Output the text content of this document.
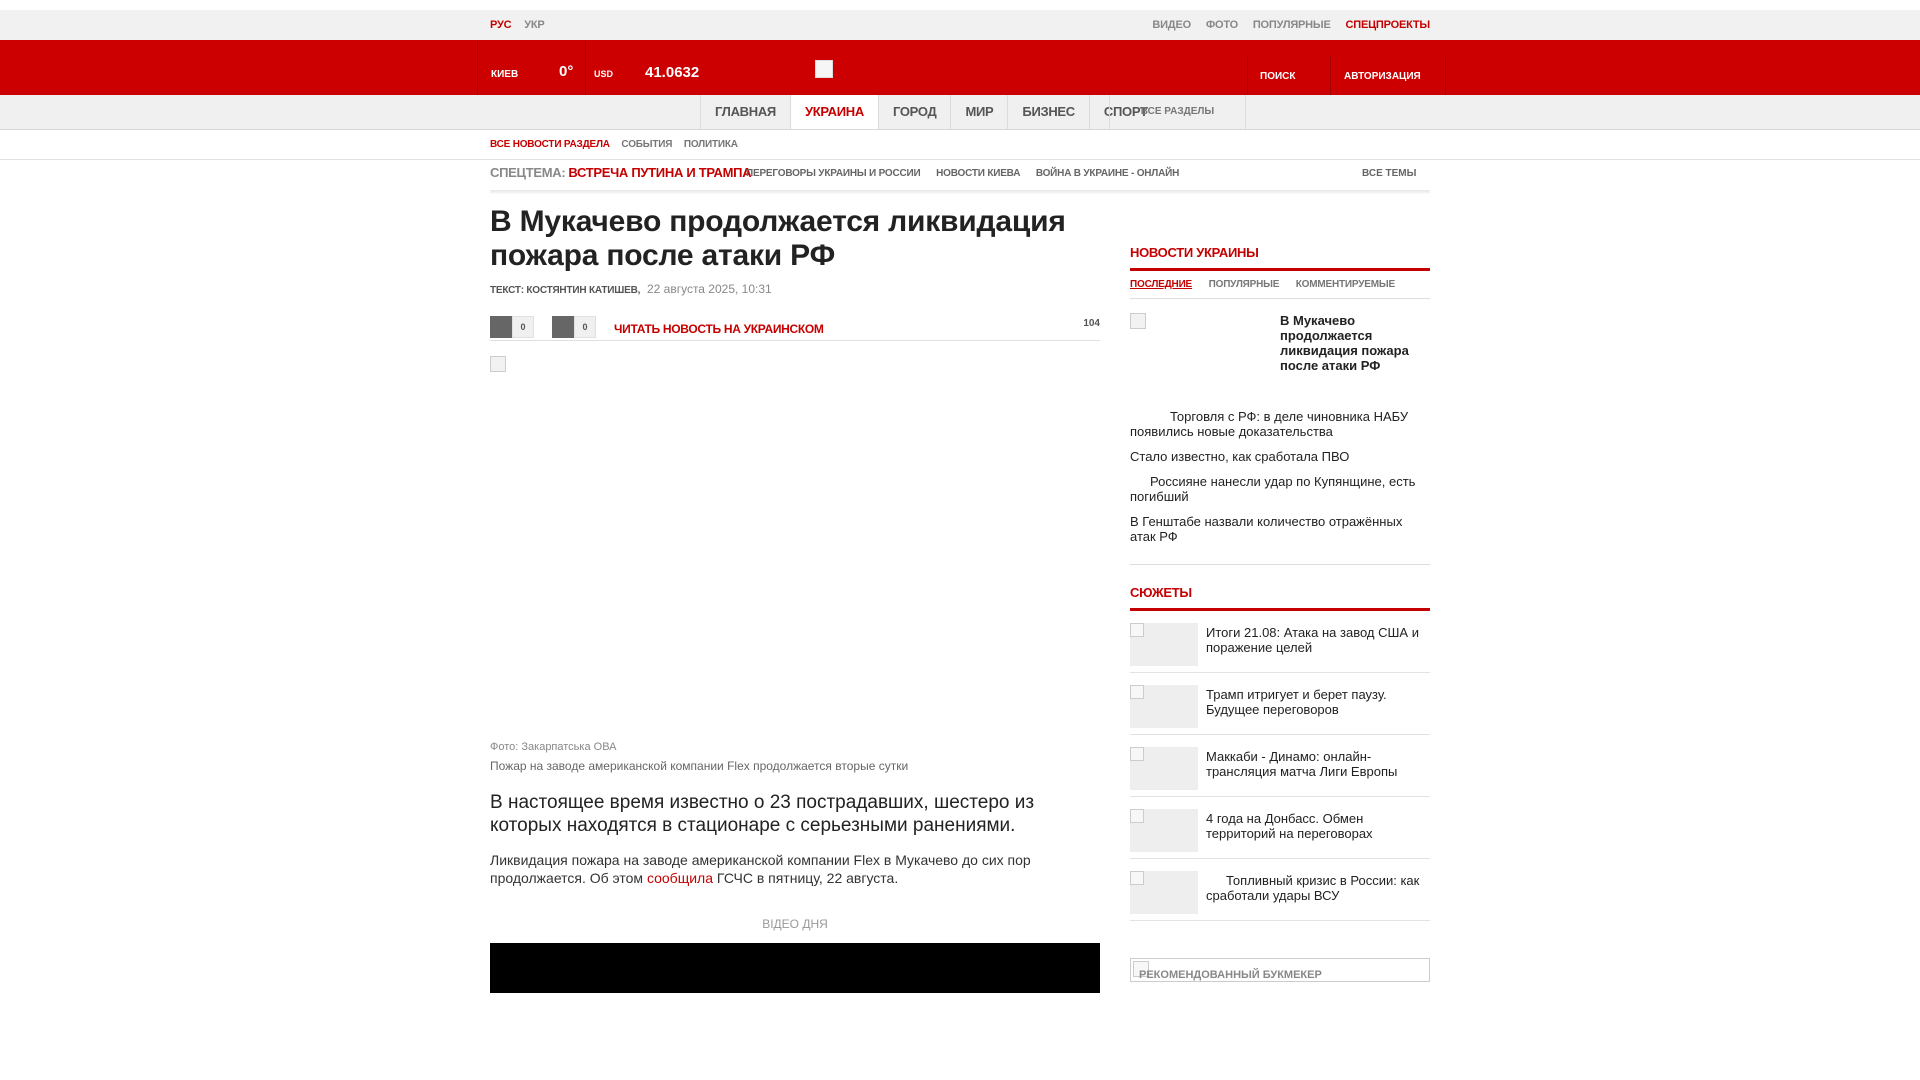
РУС УКР	ВИДЕО ФОТО ПОПУЛЯРНЫЕ СПЕЦПРОЕКТЫ
КИЕВ	0° USD 41.0632	ПОИСК	АВТОРИЗАЦИЯ
ГЛАВНАЯ	УКРАИНА	ГОРОД	МИР	БИЗНЕС	СПОРТ
ВСЕ РАЗДЕЛЫ
ВСЕ НОВОСТИ РАЗДЕЛА СОБЫТИЯ ПОЛИТИКА
СПЕЦТЕМА: ВСТРЕЧА ПУТИНА И ТРАМПА
ПЕРЕГОВОРЫ УКРАИНЫ И РОССИИ НОВОСТИ КИЕВА ВОЙНА В УКРАИНЕ - ОНЛАЙН	ВСЕ ТЕМЫ
В Мукачево продолжается ликвидация пожара после атаки РФ
ТЕКСТ: КОСТЯНТИН КАТИШЕВ, 22 августа 2025, 10:31
0	0	ЧИТАТЬ НОВОСТЬ НА УКРАИНСКОМ	104
Фото: Закарпатська ОВА
Пожар на заводе американской компании Flex продолжается вторые сутки
В настоящее время известно о 23 пострадавших, шестеро из которых находятся в стационаре с серьезными ранениями.
Ликвидация пожара на заводе американской компании Flex в Мукачево до сих пор продолжается. Об этом сообщила ГСЧС в пятницу, 22 августа.
ВІДЕО ДНЯ
НОВОСТИ УКРАИНЫ
ПОСЛЕДНИЕ ПОПУЛЯРНЫЕ КОММЕНТИРУЕМЫЕ
В Мукачево продолжается ликвидация пожара после атаки РФ
Торговля с РФ: в деле чиновника НАБУ появились новые доказательства
Стало известно, как сработала ПВО
Россияне нанесли удар по Купянщине, есть погибший
В Генштабе назвали количество отражённых атак РФ
СЮЖЕТЫ
Итоги 21.08: Атака на завод США и поражение целей
Трамп итригует и берет паузу. Будущее переговоров
Маккаби - Динамо: онлайн-трансляция матча Лиги Европы
4 года на Донбасс. Обмен территорий на переговорах
Топливный кризис в России: как сработали удары ВСУ
РЕКОМЕНДОВАННЫЙ БУКМЕКЕР
